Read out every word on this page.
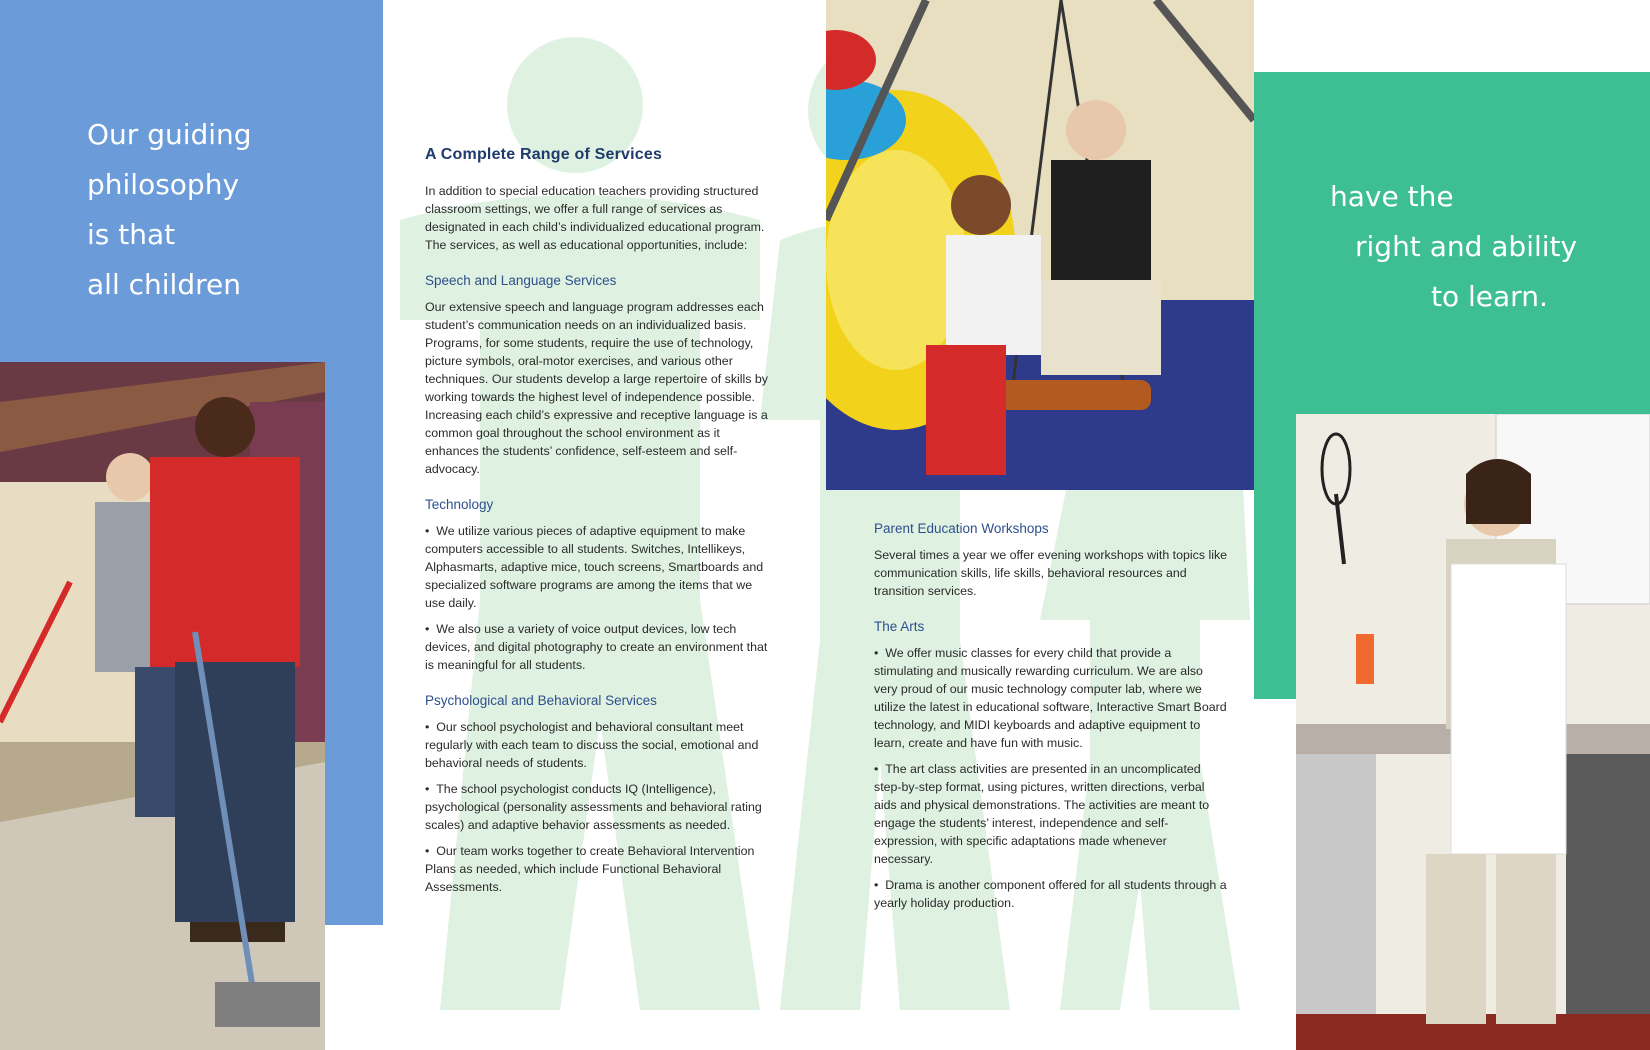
Our guiding
philosophy
is that
all children
have the
right and ability
to learn.
A Complete Range of Services

In addition to special education teachers providing structured classroom settings, we offer a full range of services as designated in each child’s individualized educational program. The services, as well as educational opportunities, include:

Speech and Language Services

Our extensive speech and language program addresses each student’s communication needs on an individualized basis. Programs, for some students, require the use of technology, picture symbols, oral-motor exercises, and various other techniques. Our students develop a large repertoire of skills by working towards the highest level of independence possible. Increasing each child’s expressive and receptive language is a common goal throughout the school environment as it enhances the students’ confidence, self-esteem and self-advocacy.

Technology
•  We utilize various pieces of adaptive equipment to make computers accessible to all students. Switches, Intellikeys, Alphasmarts, adaptive mice, touch screens, Smartboards and specialized software programs are among the items that we use daily.
•  We also use a variety of voice output devices, low tech devices, and digital photography to create an environment that is meaningful for all students.
Psychological and Behavioral Services
•  Our school psychologist and behavioral consultant meet regularly with each team to discuss the social, emotional and behavioral needs of students.
•  The school psychologist conducts IQ (Intelligence), psychological (personality assessments and behavioral rating scales) and adaptive behavior assessments as needed.
•  Our team works together to create Behavioral Intervention Plans as needed, which include Functional Behavioral Assessments.
Parent Education Workshops

Several times a year we offer evening workshops with topics like communication skills, life skills, behavioral resources and transition services.

The Arts
•  We offer music classes for every child that provide a stimulating and musically rewarding curriculum. We are also very proud of our music technology computer lab, where we utilize the latest in educational software, Interactive Smart Board technology, and MIDI keyboards and adaptive equipment to learn, create and have fun with music.
•  The art class activities are presented in an uncomplicated step-by-step format, using pictures, written directions, verbal aids and physical demonstrations. The activities are meant to engage the students’ interest, independence and self-expression, with specific adaptations made whenever necessary.
•  Drama is another component offered for all students through a yearly holiday production.
